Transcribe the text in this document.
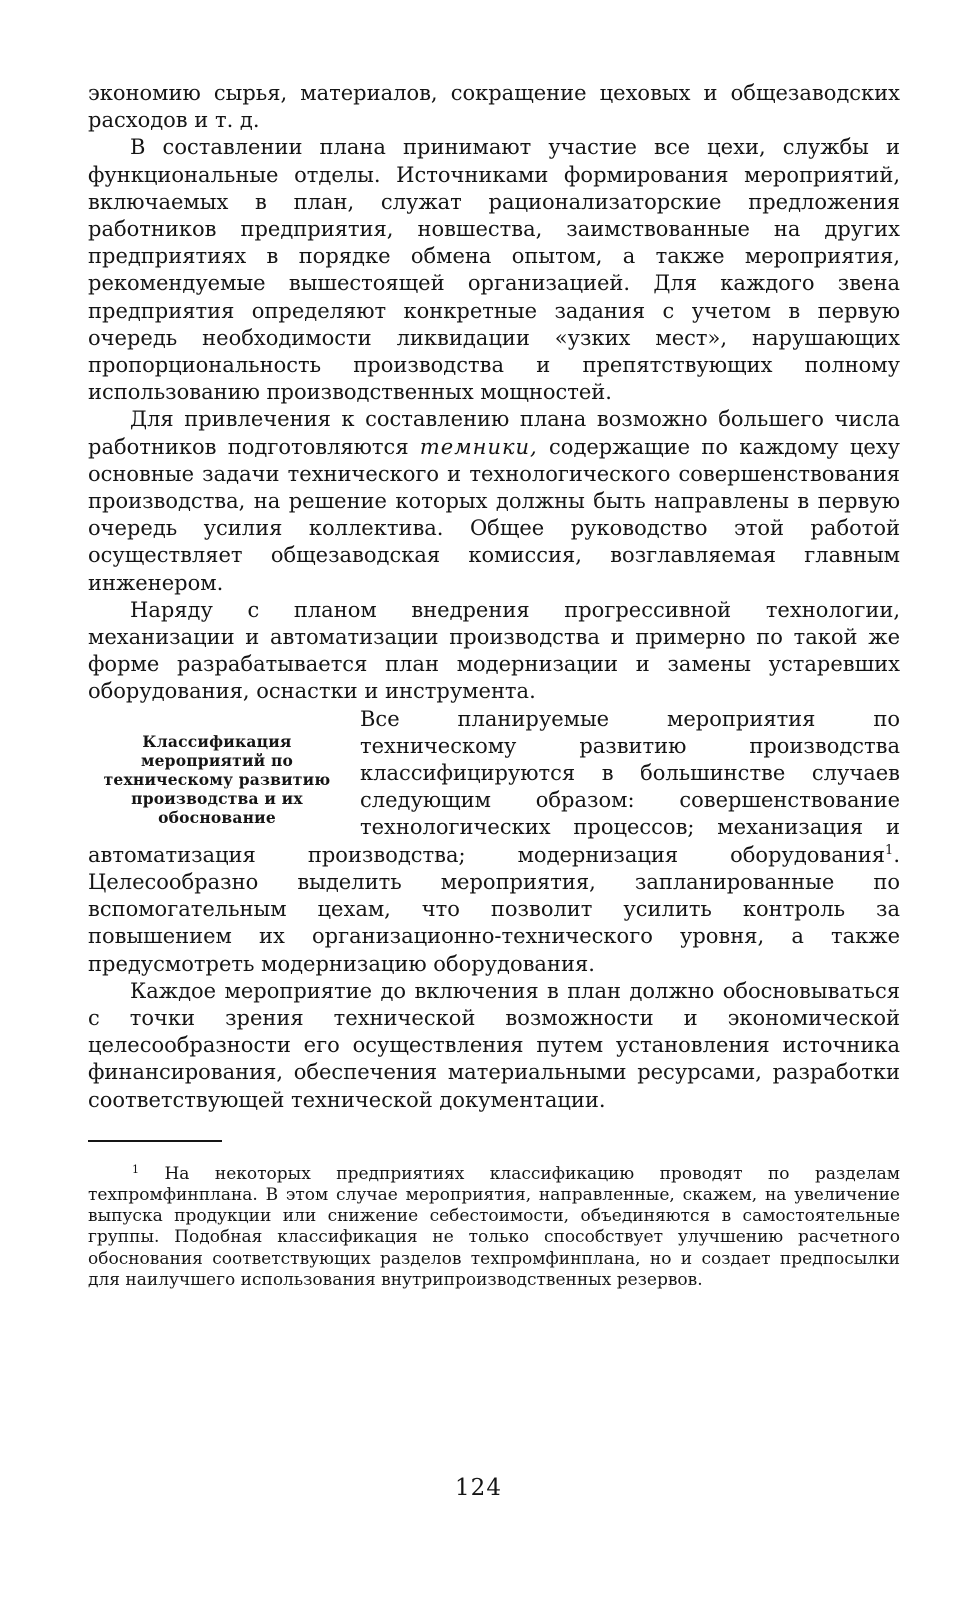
экономию сырья, материалов, сокращение цеховых и общезаводских расходов и т. д.

В составлении плана принимают участие все цехи, службы и функциональные отделы. Источниками формирования мероприятий, включаемых в план, служат рационализаторские предложения работников предприятия, новшества, заимствованные на других предприятиях в порядке обмена опытом, а также мероприятия, рекомендуемые вышестоящей организацией. Для каждого звена предприятия определяют конкретные задания с учетом в первую очередь необходимости ликвидации «узких мест», нарушающих пропорциональность производства и препятствующих полному использованию производственных мощностей.

Для привлечения к составлению плана возможно большего числа работников подготовляются темники, содержащие по каждому цеху основные задачи технического и технологического совершенствования производства, на решение которых должны быть направлены в первую очередь усилия коллектива. Общее руководство этой работой осуществляет общезаводская комиссия, возглавляемая главным инженером.

Наряду с планом внедрения прогрессивной технологии, механизации и автоматизации производства и примерно по такой же форме разрабатывается план модернизации и замены устаревших оборудования, оснастки и инструмента.

Классификация мероприятий по техническому развитию производства и их обоснование

Все планируемые мероприятия по техническому развитию производства классифицируются в большинстве случаев следующим образом: совершенствование технологических процессов; механизация и автоматизация производства; модернизация оборудования$^1$. Целесообразно выделить мероприятия, запланированные по вспомогательным цехам, что позволит усилить контроль за повышением их организационно-технического уровня, а также предусмотреть модернизацию оборудования.

Каждое мероприятие до включения в план должно обосновываться с точки зрения технической возможности и экономической целесообразности его осуществления путем установления источника финансирования, обеспечения материальными ресурсами, разработки соответствующей технической документации.

$^1$ На некоторых предприятиях классификацию проводят по разделам техпромфинплана. В этом случае мероприятия, направленные, скажем, на увеличение выпуска продукции или снижение себестоимости, объединяются в самостоятельные группы. Подобная классификация не только способствует улучшению расчетного обоснования соответствующих разделов техпромфинплана, но и создает предпосылки для наилучшего использования внутрипроизводственных резервов.

124
